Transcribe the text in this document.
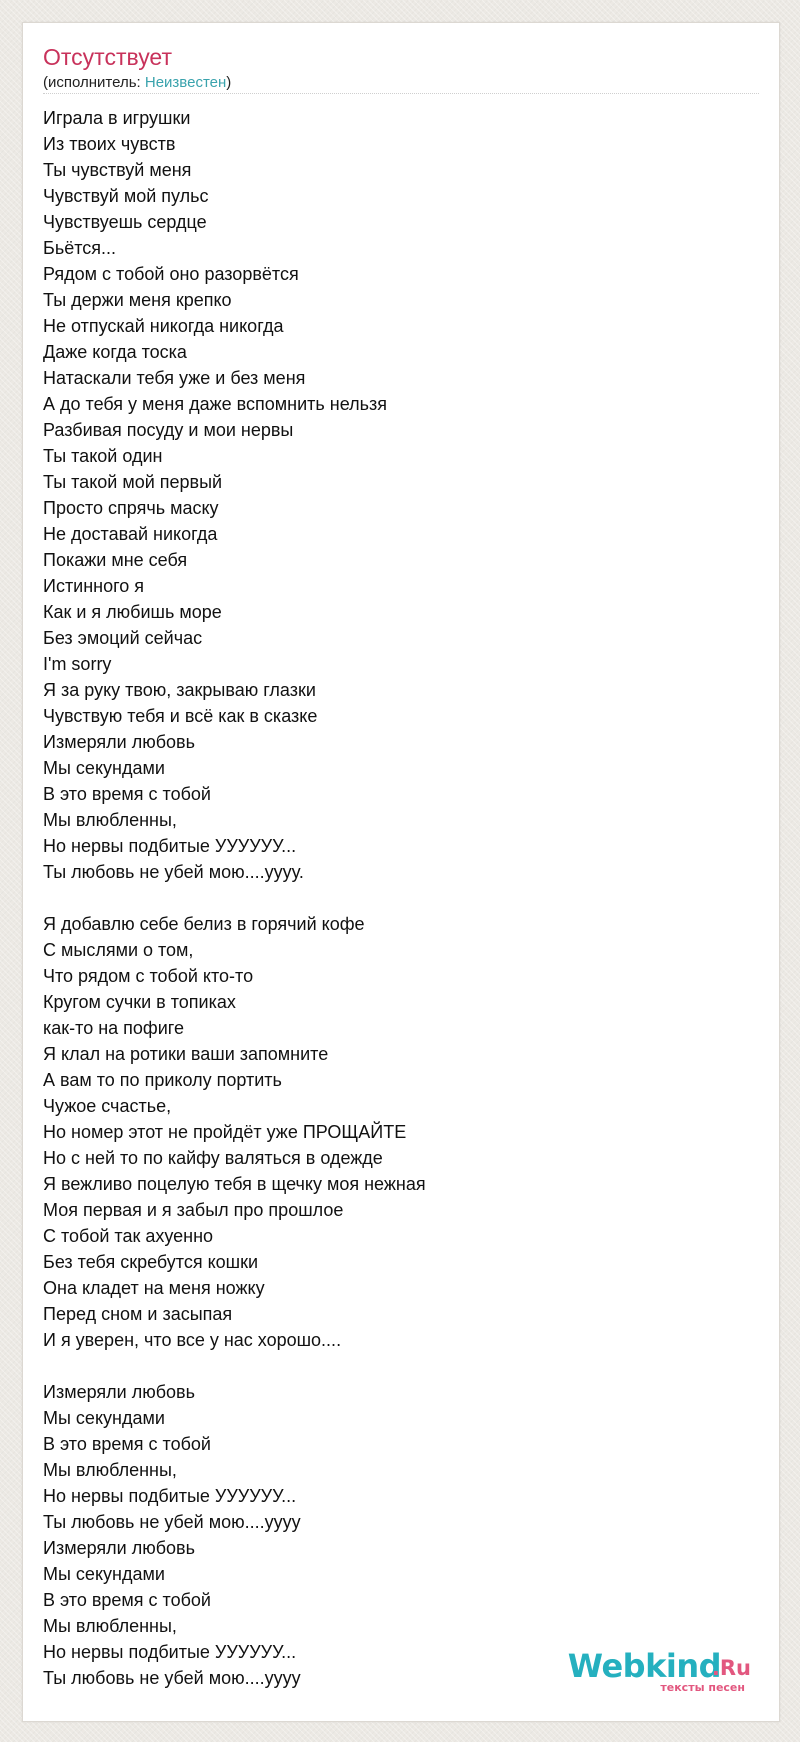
Отсутствует
(исполнитель: Неизвестен)
Играла в игрушки
Из твоих чувств
Ты чувствуй меня
Чувствуй мой пульс
Чувствуешь сердце
Бьётся...
Рядом с тобой оно разорвётся
Ты держи меня крепко
Не отпускай никогда никогда
Даже когда тоска
Натаскали тебя уже и без меня
А до тебя у меня даже вспомнить нельзя
Разбивая посуду и мои нервы
Ты такой один
Ты такой мой первый
Просто спрячь маску
Не доставай никогда
Покажи мне себя
Истинного я
Как и я любишь море
Без эмоций сейчас
I'm sorry
Я за руку твою, закрываю глазки
Чувствую тебя и всё как в сказке
Измеряли любовь
Мы секундами
В это время с тобой
Мы влюбленны,
Но нервы подбитые УУУУУУ...
Ты любовь не убей мою....уууу.
Я добавлю себе белиз в горячий кофе
С мыслями о том,
Что рядом с тобой кто-то
Кругом сучки в топиках
как-то на пофиге
Я клал на ротики ваши запомните
А вам то по приколу портить
Чужое счастье,
Но номер этот не пройдёт уже ПРОЩАЙТЕ
Но с ней то по кайфу валяться в одежде
Я вежливо поцелую тебя в щечку моя нежная
Моя первая и я забыл про прошлое
С тобой так ахуенно
Без тебя скребутся кошки
Она кладет на меня ножку
Перед сном и засыпая
И я уверен, что все у нас хорошо....
Измеряли любовь
Мы секундами
В это время с тобой
Мы влюбленны,
Но нервы подбитые УУУУУУ...
Ты любовь не убей мою....уууу
Измеряли любовь
Мы секундами
В это время с тобой
Мы влюбленны,
Но нервы подбитые УУУУУУ...
Ты любовь не убей мою....уууу	Webkind
.Ru
тексты песен
